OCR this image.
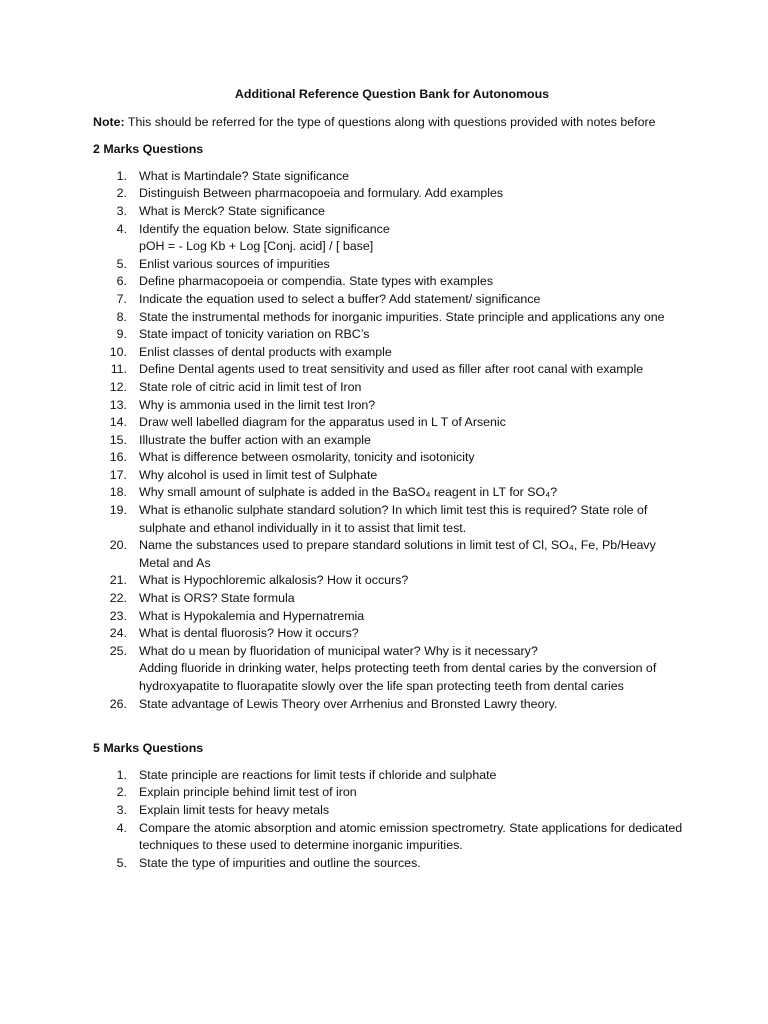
Additional Reference Question Bank for Autonomous
Note: This should be referred for the type of questions along with questions provided with notes before
2 Marks Questions
1. What is Martindale? State significance
2. Distinguish Between pharmacopoeia and formulary. Add examples
3. What is Merck? State significance
4. Identify the equation below. State significance
pOH = - Log Kb + Log [Conj. acid] / [ base]
5. Enlist various sources of impurities
6. Define pharmacopoeia or compendia. State types with examples
7. Indicate the equation used to select a buffer? Add statement/ significance
8. State the instrumental methods for inorganic impurities. State principle and applications any one
9. State impact of tonicity variation on RBC’s
10. Enlist classes of dental products with example
11. Define Dental agents used to treat sensitivity and used as filler after root canal with example
12. State role of citric acid in limit test of Iron
13. Why is ammonia used in the limit test Iron?
14. Draw well labelled diagram for the apparatus used in L T of Arsenic
15. Illustrate the buffer action with an example
16. What is difference between osmolarity, tonicity and isotonicity
17. Why alcohol is used in limit test of Sulphate
18. Why small amount of sulphate is added in the BaSO₄ reagent in LT for SO₄?
19. What is ethanolic sulphate standard solution? In which limit test this is required? State role of sulphate and ethanol individually in it to assist that limit test.
20. Name the substances used to prepare standard solutions in limit test of Cl, SO₄, Fe, Pb/Heavy Metal and As
21. What is Hypochloremic alkalosis? How it occurs?
22. What is ORS? State formula
23. What is Hypokalemia and Hypernatremia
24. What is dental fluorosis? How it occurs?
25. What do u mean by fluoridation of municipal water? Why is it necessary?
Adding fluoride in drinking water, helps protecting teeth from dental caries by the conversion of hydroxyapatite to fluorapatite slowly over the life span protecting teeth from dental caries
26. State advantage of Lewis Theory over Arrhenius and Bronsted Lawry theory.
5 Marks Questions
1. State principle are reactions for limit tests if chloride and sulphate
2. Explain principle behind limit test of iron
3. Explain limit tests for heavy metals
4. Compare the atomic absorption and atomic emission spectrometry. State applications for dedicated techniques to these used to determine inorganic impurities.
5. State the type of impurities and outline the sources.
